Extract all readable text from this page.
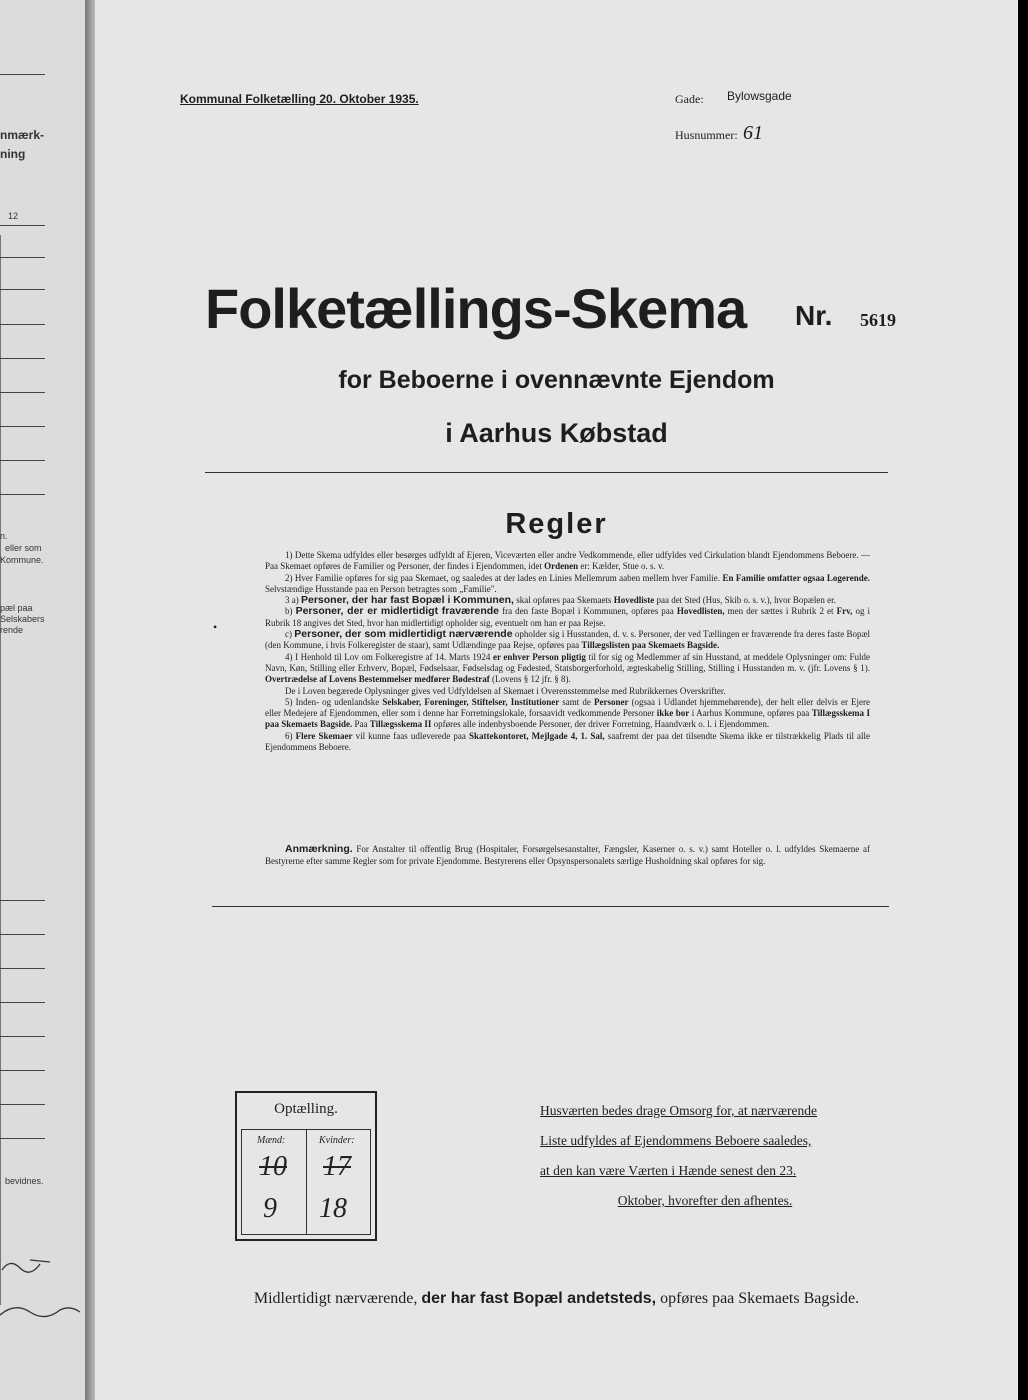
nmærk-
ning
12
n.
eller som
Kommune.
pæl paa
Selskabers
rende
bevidnes.
Kommunal Folketælling 20. Oktober 1935.	Gade: Bylowsgade
Husnummer: 61
Folketællings-Skema Nr. 5619
for Beboerne i ovennævnte Ejendom
i Aarhus Købstad
Regler
•

1) Dette Skema udfyldes eller besørges udfyldt af Ejeren, Viceværten eller andre Vedkommende, eller udfyldes ved Cirkulation blandt Ejendommens Beboere. — Paa Skemaet opføres de Familier og Personer, der findes i Ejendommen, idet Ordenen er: Kælder, Stue o. s. v.

2) Hver Familie opføres for sig paa Skemaet, og saaledes at der lades en Linies Mellemrum aaben mellem hver Familie. En Familie omfatter ogsaa Logerende. Selvstændige Husstande paa en Person betragtes som „Familie".

3 a) Personer, der har fast Bopæl i Kommunen, skal opføres paa Skemaets Hovedliste paa det Sted (Hus, Skib o. s. v.), hvor Bopælen er.

b) Personer, der er midlertidigt fraværende fra den faste Bopæl i Kommunen, opføres paa Hovedlisten, men der sættes i Rubrik 2 et Frv, og i Rubrik 18 angives det Sted, hvor han midlertidigt opholder sig, eventuelt om han er paa Rejse.

c) Personer, der som midlertidigt nærværende opholder sig i Husstanden, d. v. s. Personer, der ved Tællingen er fraværende fra deres faste Bopæl (den Kommune, i hvis Folkeregister de staar), samt Udlændinge paa Rejse, opføres paa Tillægslisten paa Skemaets Bagside.

4) I Henhold til Lov om Folkeregistre af 14. Marts 1924 er enhver Person pligtig til for sig og Medlemmer af sin Husstand, at meddele Oplysninger om: Fulde Navn, Køn, Stilling eller Erhverv, Bopæl, Fødselsaar, Fødselsdag og Fødested, Statsborgerforhold, ægteskabelig Stilling, Stilling i Husstanden m. v. (jfr. Lovens § 1). Overtrædelse af Lovens Bestemmelser medfører Bødestraf (Lovens § 12 jfr. § 8).

De i Loven begærede Oplysninger gives ved Udfyldelsen af Skemaet i Overensstemmelse med Rubrikkernes Overskrifter.

5) Inden- og udenlandske Selskaber, Foreninger, Stiftelser, Institutioner samt de Personer (ogsaa i Udlandet hjemmehørende), der helt eller delvis er Ejere eller Medejere af Ejendommen, eller som i denne har Forretningslokale, forsaavidt vedkommende Personer ikke bor i Aarhus Kommune, opføres paa Tillægsskema I paa Skemaets Bagside. Paa Tillægsskema II opføres alle indenbysboende Personer, der driver Forretning, Haandværk o. l. i Ejendommen.

6) Flere Skemaer vil kunne faas udleverede paa Skattekontoret, Mejlgade 4, 1. Sal, saafremt der paa det tilsendte Skema ikke er tilstrækkelig Plads til alle Ejendommens Beboere.

Anmærkning. For Anstalter til offentlig Brug (Hospitaler, Forsørgelsesanstalter, Fængsler, Kaserner o. s. v.) samt Hoteller o. l. udfyldes Skemaerne af Bestyrerne efter samme Regler som for private Ejendomme. Bestyrerens eller Opsynspersonalets særlige Husholdning skal opføres for sig.
Optælling.
Mænd:	Kvinder:
10 17
9 18
Husværten bedes drage Omsorg for, at nærværende
Liste udfyldes af Ejendommens Beboere saaledes,
at den kan være Værten i Hænde senest den 23.
Oktober, hvorefter den afhentes.
Midlertidigt nærværende, der har fast Bopæl andetsteds, opføres paa Skemaets Bagside.
